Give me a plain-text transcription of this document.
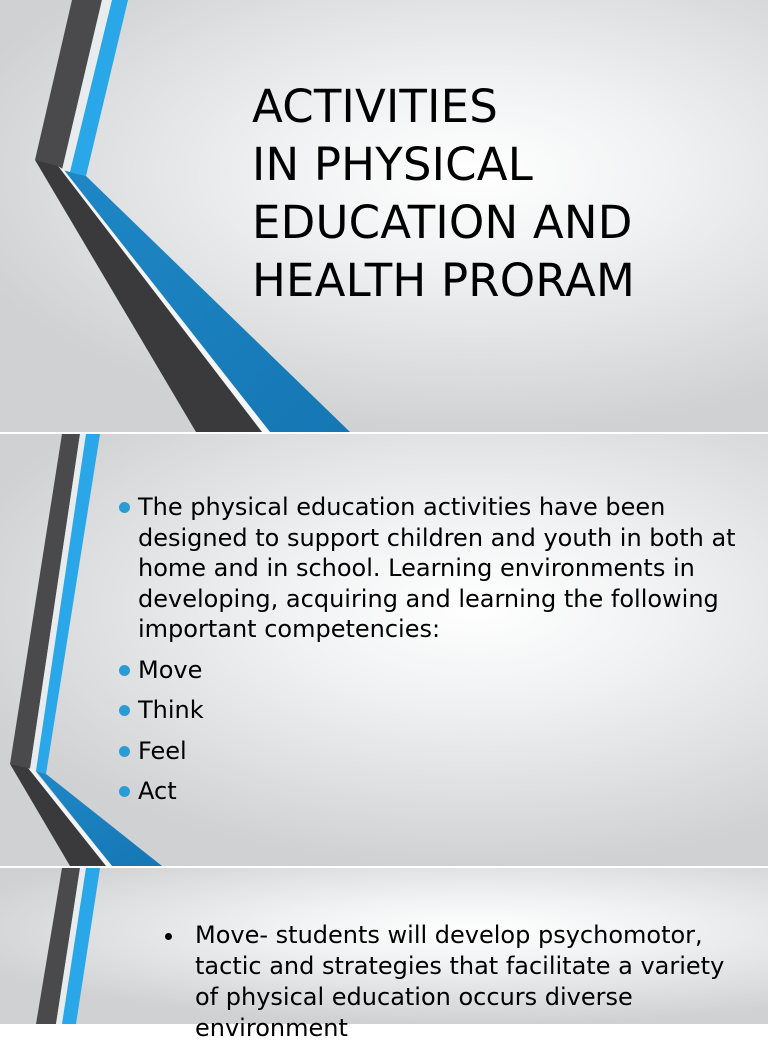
ACTIVITIES
IN PHYSICAL
EDUCATION AND
HEALTH PRORAM
The physical education activities have been designed to support children and youth in both at home and in school. Learning environments in developing, acquiring and learning the following important competencies:
Move
Think
Feel
Act
Move- students will develop psychomotor, tactic and strategies that facilitate a variety of physical education occurs diverse environment
